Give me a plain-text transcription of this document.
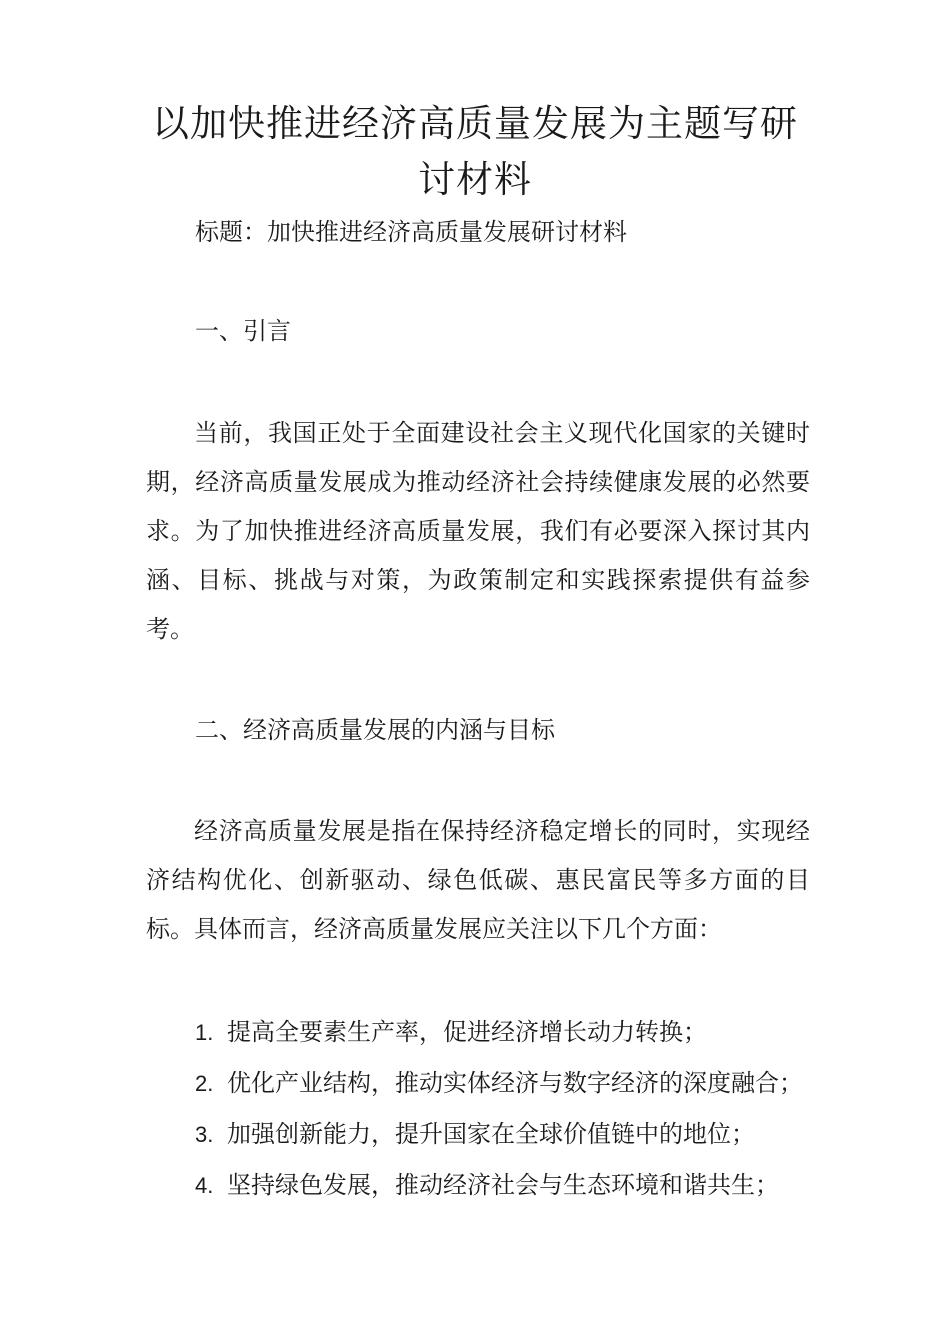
以加快推进经济高质量发展为主题写研
讨材料

标题：加快推进经济高质量发展研讨材料

一、引言

当前，我国正处于全面建设社会主义现代化国家的关键时期，经济高质量发展成为推动经济社会持续健康发展的必然要求。为了加快推进经济高质量发展，我们有必要深入探讨其内涵、目标、挑战与对策，为政策制定和实践探索提供有益参考。

二、经济高质量发展的内涵与目标

经济高质量发展是指在保持经济稳定增长的同时，实现经济结构优化、创新驱动、绿色低碳、惠民富民等多方面的目标。具体而言，经济高质量发展应关注以下几个方面：

1. 提高全要素生产率，促进经济增长动力转换；
2. 优化产业结构，推动实体经济与数字经济的深度融合；
3. 加强创新能力，提升国家在全球价值链中的地位；
4. 坚持绿色发展，推动经济社会与生态环境和谐共生；
